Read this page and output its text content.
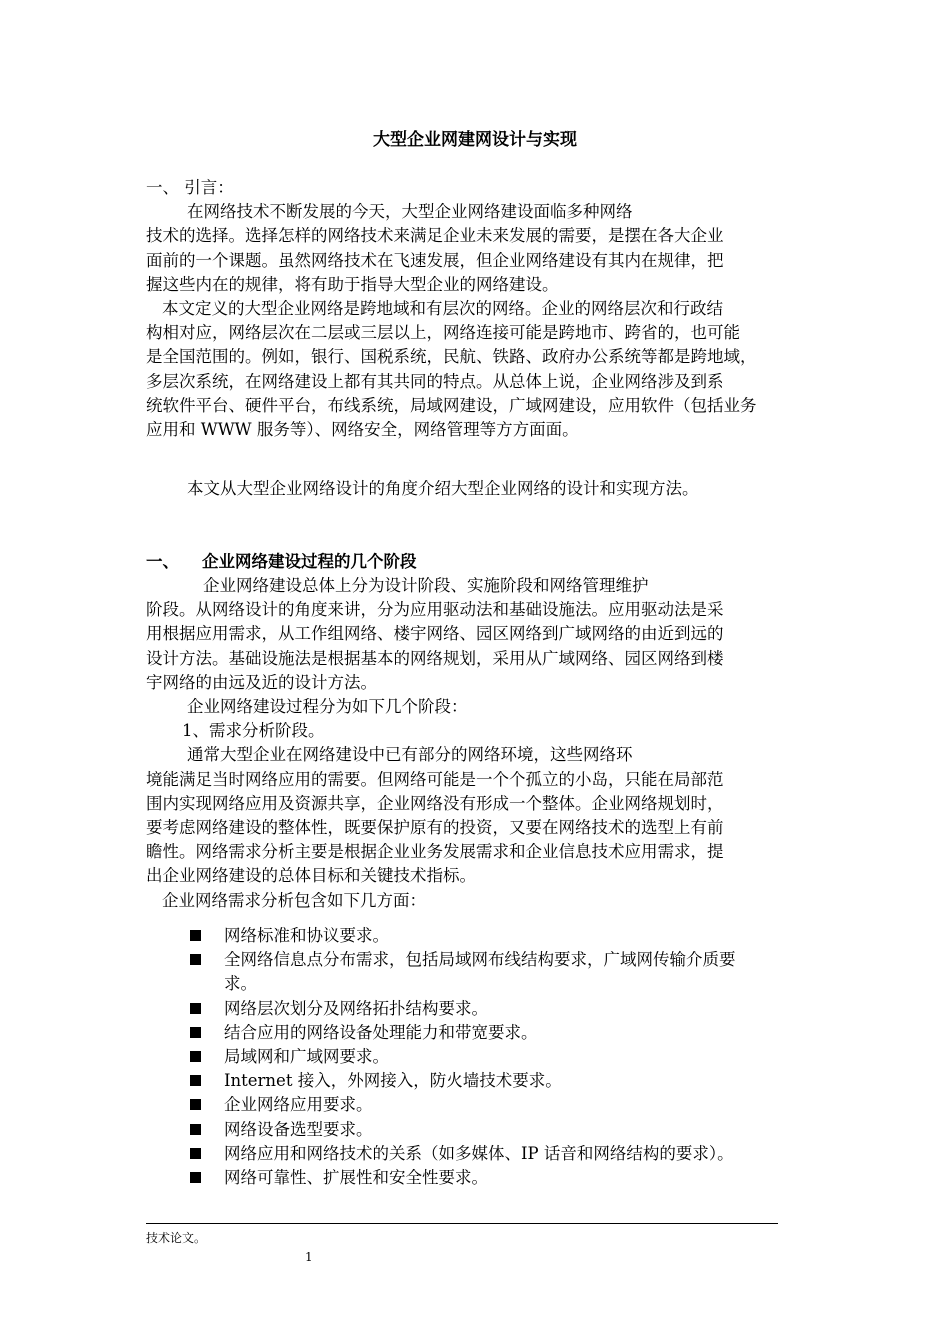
大型企业网建网设计与实现
一、 引言：
在网络技术不断发展的今天，大型企业网络建设面临多种网络
技术的选择。选择怎样的网络技术来满足企业未来发展的需要，是摆在各大企业
面前的一个课题。虽然网络技术在飞速发展，但企业网络建设有其内在规律，把
握这些内在的规律，将有助于指导大型企业的网络建设。
本文定义的大型企业网络是跨地域和有层次的网络。企业的网络层次和行政结
构相对应，网络层次在二层或三层以上，网络连接可能是跨地市、跨省的，也可能
是全国范围的。例如，银行、国税系统，民航、铁路、政府办公系统等都是跨地域，
多层次系统，在网络建设上都有其共同的特点。从总体上说，企业网络涉及到系
统软件平台、硬件平台，布线系统，局域网建设，广域网建设，应用软件（包括业务
应用和 WWW 服务等）、网络安全，网络管理等方方面面。
本文从大型企业网络设计的角度介绍大型企业网络的设计和实现方法。
一、 企业网络建设过程的几个阶段
企业网络建设总体上分为设计阶段、实施阶段和网络管理维护
阶段。从网络设计的角度来讲，分为应用驱动法和基础设施法。应用驱动法是采
用根据应用需求，从工作组网络、楼宇网络、园区网络到广域网络的由近到远的
设计方法。基础设施法是根据基本的网络规划，采用从广域网络、园区网络到楼
宇网络的由远及近的设计方法。
企业网络建设过程分为如下几个阶段：
1、需求分析阶段。
通常大型企业在网络建设中已有部分的网络环境，这些网络环
境能满足当时网络应用的需要。但网络可能是一个个孤立的小岛，只能在局部范
围内实现网络应用及资源共享，企业网络没有形成一个整体。企业网络规划时，
要考虑网络建设的整体性，既要保护原有的投资，又要在网络技术的选型上有前
瞻性。网络需求分析主要是根据企业业务发展需求和企业信息技术应用需求，提
出企业网络建设的总体目标和关键技术指标。
企业网络需求分析包含如下几方面：
网络标准和协议要求。
全网络信息点分布需求，包括局域网布线结构要求，广域网传输介质要
求。
网络层次划分及网络拓扑结构要求。
结合应用的网络设备处理能力和带宽要求。
局域网和广域网要求。
Internet 接入，外网接入，防火墙技术要求。
企业网络应用要求。
网络设备选型要求。
网络应用和网络技术的关系（如多媒体、IP 话音和网络结构的要求）。
网络可靠性、扩展性和安全性要求。
技术论文。
1
